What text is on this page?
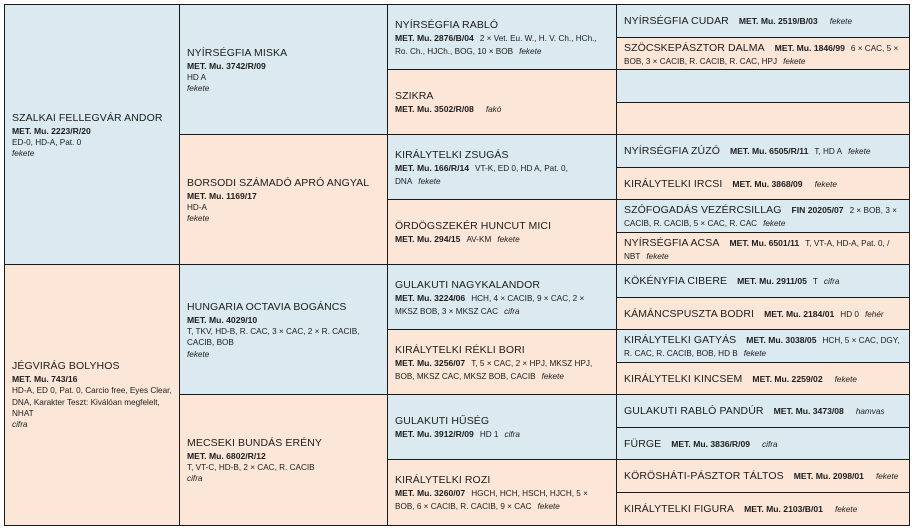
SZALKAI FELLEGVÁR ANDOR
MET. Mu. 2223/R/20
ED-0, HD-A, Pat. 0
fekete
JÉGVIRÁG BOLYHOS
MET. Mu. 743/16
HD-A, ED 0, Pat. 0, Carcio free, Eyes Clear, DNA, Karakter Teszt: Kiválóan megfelelt, NHAT
cifra
NYÍRSÉGFIA MISKA
MET. Mu. 3742/R/09
HD A
fekete
BORSODI SZÁMADÓ APRÓ ANGYAL
MET. Mu. 1169/17
HD-A
fekete
HUNGARIA OCTAVIA BOGÁNCS
MET. Mu. 4029/10
T, TKV, HD-B, R. CAC, 3 × CAC, 2 × R. CACIB, CACIB, BOB
fekete
MECSEKI BUNDÁS ERÉNY
MET. Mu. 6802/R/12
T, VT-C, HD-B, 2 × CAC, R. CACIB
cifra
NYÍRSÉGFIA RABLÓ
MET. Mu. 2876/B/04 2 × Vet. Eu. W., H. V. Ch., HCh., Ro. Ch., HJCh., BOG, 10 × BOB fekete
SZIKRA
MET. Mu. 3502/R/08 fakó
KIRÁLYTELKI ZSUGÁS
MET. Mu. 166/R/14 VT-K, ED 0, HD A, Pat. 0, DNA fekete
ÖRDÖGSZEKÉR HUNCUT MICI
MET. Mu. 294/15 AV-KM fekete
GULAKUTI NAGYKALANDOR
MET. Mu. 3224/06 HCH, 4 × CACIB, 9 × CAC, 2 × MKSZ BOB, 3 × MKSZ CAC cifra
KIRÁLYTELKI RÉKLI BORI
MET. Mu. 3256/07 T, 5 × CAC, 2 × HPJ, MKSZ HPJ, BOB, MKSZ CAC, MKSZ BOB, CACIB fekete
GULAKUTI HŰSÉG
MET. Mu. 3912/R/09 HD 1 cifra
KIRÁLYTELKI ROZI
MET. Mu. 3260/07 HGCH, HCH, HSCH, HJCH, 5 × BOB, 6 × CACIB, R. CACIB, 9 × CAC fekete
NYÍRSÉGFIA CUDAR MET. Mu. 2519/B/03 fekete
SZÖCSKEPÁSZTOR DALMA MET. Mu. 1846/99 6 × CAC, 5 × BOB, 3 × CACIB, R. CACIB, R. CAC, HPJ fekete
NYÍRSÉGFIA ZÚZÓ MET. Mu. 6505/R/11 T, HD A fekete
KIRÁLYTELKI IRCSI MET. Mu. 3868/09 fekete
SZÓFOGADÁS VEZÉRCSILLAG FIN 20205/07 2 × BOB, 3 × CACIB, R. CACIB, 5 × CAC, R. CAC fekete
NYÍRSÉGFIA ACSA MET. Mu. 6501/11 T, VT-A, HD-A, Pat. 0, / NBT fekete
KÖKÉNYFIA CIBERE MET. Mu. 2911/05 T cifra
KÁMÁNCSPUSZTA BODRI MET. Mu. 2184/01 HD 0 fehér
KIRÁLYTELKI GATYÁS MET. Mu. 3038/05 HCH, 5 × CAC, DGY, R. CAC, R. CACIB, BOB, HD B fekete
KIRÁLYTELKI KINCSEM MET. Mu. 2259/02 fekete
GULAKUTI RABLÓ PANDÚR MET. Mu. 3473/08 hamvas
FÜRGE MET. Mu. 3836/R/09 cifra
KÖRÖSHÁTI-PÁSZTOR TÁLTOS MET. Mu. 2098/01 fekete
KIRÁLYTELKI FIGURA MET. Mu. 2103/B/01 fekete
